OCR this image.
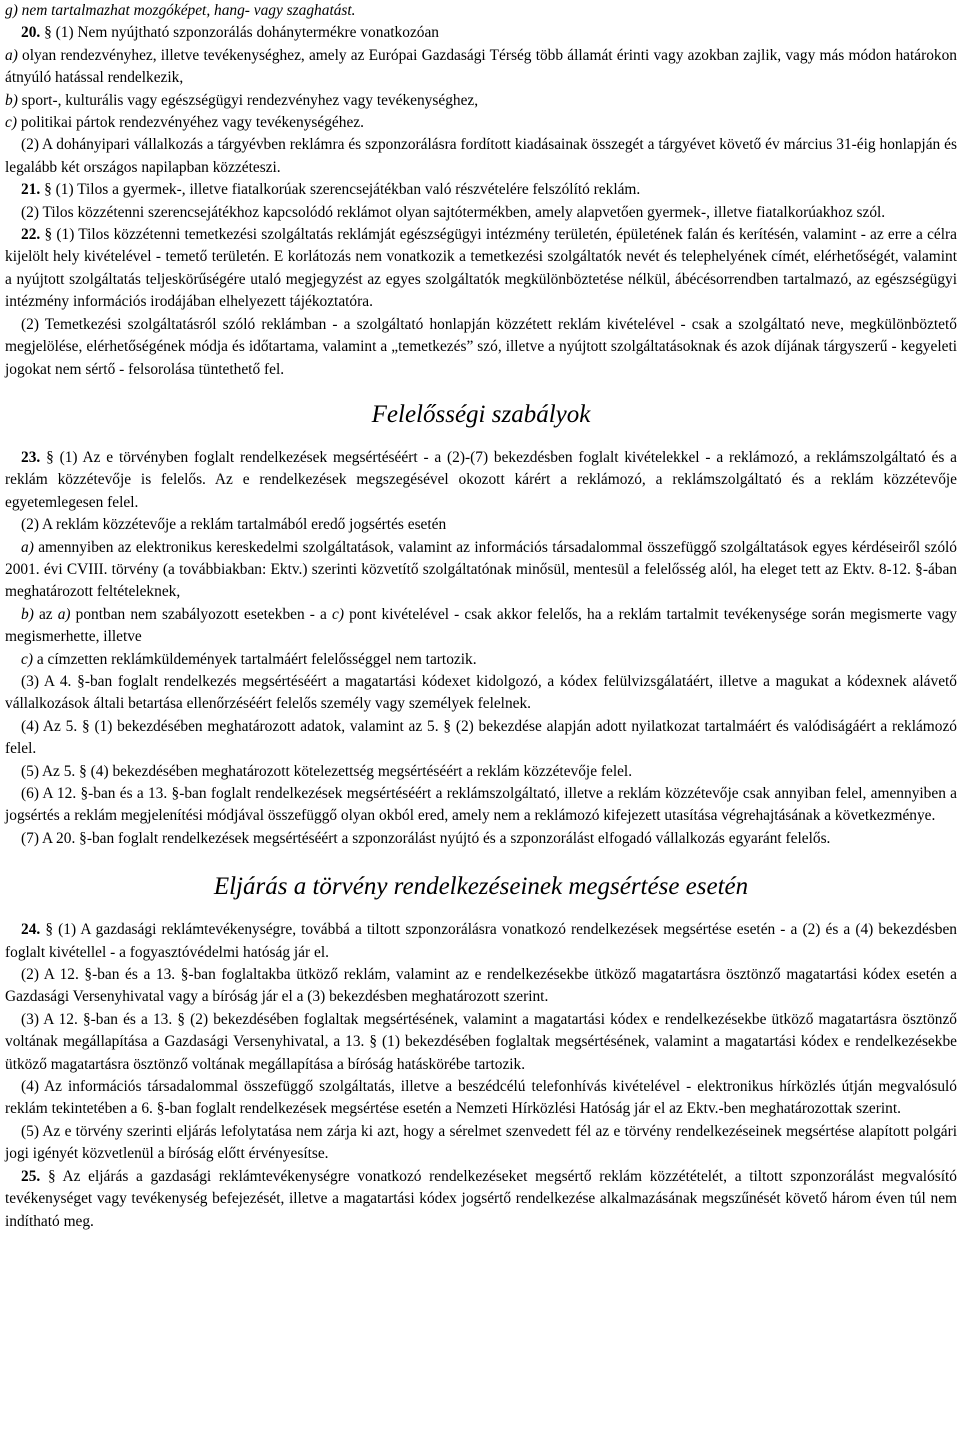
g) nem tartalmazhat mozgóképet, hang- vagy szaghatást.

20. § (1) Nem nyújtható szponzorálás dohánytermékre vonatkozóan

a) olyan rendezvényhez, illetve tevékenységhez, amely az Európai Gazdasági Térség több államát érinti vagy azokban zajlik, vagy más módon határokon átnyúló hatással rendelkezik,

b) sport-, kulturális vagy egészségügyi rendezvényhez vagy tevékenységhez,

c) politikai pártok rendezvényéhez vagy tevékenységéhez.

(2) A dohányipari vállalkozás a tárgyévben reklámra és szponzorálásra fordított kiadásainak összegét a tárgyévet követő év március 31-éig honlapján és legalább két országos napilapban közzéteszi.

21. § (1) Tilos a gyermek-, illetve fiatalkorúak szerencsejátékban való részvételére felszólító reklám.

(2) Tilos közzétenni szerencsejátékhoz kapcsolódó reklámot olyan sajtótermékben, amely alapvetően gyermek-, illetve fiatalkorúakhoz szól.

22. § (1) Tilos közzétenni temetkezési szolgáltatás reklámját egészségügyi intézmény területén, épületének falán és kerítésén, valamint - az erre a célra kijelölt hely kivételével - temető területén. E korlátozás nem vonatkozik a temetkezési szolgáltatók nevét és telephelyének címét, elérhetőségét, valamint a nyújtott szolgáltatás teljeskörűségére utaló megjegyzést az egyes szolgáltatók megkülönböztetése nélkül, ábécésorrendben tartalmazó, az egészségügyi intézmény információs irodájában elhelyezett tájékoztatóra.

(2) Temetkezési szolgáltatásról szóló reklámban - a szolgáltató honlapján közzétett reklám kivételével - csak a szolgáltató neve, megkülönböztető megjelölése, elérhetőségének módja és időtartama, valamint a „temetkezés” szó, illetve a nyújtott szolgáltatásoknak és azok díjának tárgyszerű - kegyeleti jogokat nem sértő - felsorolása tüntethető fel.

Felelősségi szabályok

23. § (1) Az e törvényben foglalt rendelkezések megsértéséért - a (2)-(7) bekezdésben foglalt kivételekkel - a reklámozó, a reklámszolgáltató és a reklám közzétevője is felelős. Az e rendelkezések megszegésével okozott kárért a reklámozó, a reklámszolgáltató és a reklám közzétevője egyetemlegesen felel.

(2) A reklám közzétevője a reklám tartalmából eredő jogsértés esetén

a) amennyiben az elektronikus kereskedelmi szolgáltatások, valamint az információs társadalommal összefüggő szolgáltatások egyes kérdéseiről szóló 2001. évi CVIII. törvény (a továbbiakban: Ektv.) szerinti közvetítő szolgáltatónak minősül, mentesül a felelősség alól, ha eleget tett az Ektv. 8-12. §-ában meghatározott feltételeknek,

b) az a) pontban nem szabályozott esetekben - a c) pont kivételével - csak akkor felelős, ha a reklám tartalmit tevékenysége során megismerte vagy megismerhette, illetve

c) a címzetten reklámküldemények tartalmáért felelősséggel nem tartozik.

(3) A 4. §-ban foglalt rendelkezés megsértéséért a magatartási kódexet kidolgozó, a kódex felülvizsgálatáért, illetve a magukat a kódexnek alávető vállalkozások általi betartása ellenőrzéséért felelős személy vagy személyek felelnek.

(4) Az 5. § (1) bekezdésében meghatározott adatok, valamint az 5. § (2) bekezdése alapján adott nyilatkozat tartalmáért és valódiságáért a reklámozó felel.

(5) Az 5. § (4) bekezdésében meghatározott kötelezettség megsértéséért a reklám közzétevője felel.

(6) A 12. §-ban és a 13. §-ban foglalt rendelkezések megsértéséért a reklámszolgáltató, illetve a reklám közzétevője csak annyiban felel, amennyiben a jogsértés a reklám megjelenítési módjával összefüggő olyan okból ered, amely nem a reklámozó kifejezett utasítása végrehajtásának a következménye.

(7) A 20. §-ban foglalt rendelkezések megsértéséért a szponzorálást nyújtó és a szponzorálást elfogadó vállalkozás egyaránt felelős.

Eljárás a törvény rendelkezéseinek megsértése esetén

24. § (1) A gazdasági reklámtevékenységre, továbbá a tiltott szponzorálásra vonatkozó rendelkezések megsértése esetén - a (2) és a (4) bekezdésben foglalt kivétellel - a fogyasztóvédelmi hatóság jár el.

(2) A 12. §-ban és a 13. §-ban foglaltakba ütköző reklám, valamint az e rendelkezésekbe ütköző magatartásra ösztönző magatartási kódex esetén a Gazdasági Versenyhivatal vagy a bíróság jár el a (3) bekezdésben meghatározott szerint.

(3) A 12. §-ban és a 13. § (2) bekezdésében foglaltak megsértésének, valamint a magatartási kódex e rendelkezésekbe ütköző magatartásra ösztönző voltának megállapítása a Gazdasági Versenyhivatal, a 13. § (1) bekezdésében foglaltak megsértésének, valamint a magatartási kódex e rendelkezésekbe ütköző magatartásra ösztönző voltának megállapítása a bíróság hatáskörébe tartozik.

(4) Az információs társadalommal összefüggő szolgáltatás, illetve a beszédcélú telefonhívás kivételével - elektronikus hírközlés útján megvalósuló reklám tekintetében a 6. §-ban foglalt rendelkezések megsértése esetén a Nemzeti Hírközlési Hatóság jár el az Ektv.-ben meghatározottak szerint.

(5) Az e törvény szerinti eljárás lefolytatása nem zárja ki azt, hogy a sérelmet szenvedett fél az e törvény rendelkezéseinek megsértése alapított polgári jogi igényét közvetlenül a bíróság előtt érvényesítse.

25. § Az eljárás a gazdasági reklámtevékenységre vonatkozó rendelkezéseket megsértő reklám közzétételét, a tiltott szponzorálást megvalósító tevékenységet vagy tevékenység befejezését, illetve a magatartási kódex jogsértő rendelkezése alkalmazásának megszűnését követő három éven túl nem indítható meg.
